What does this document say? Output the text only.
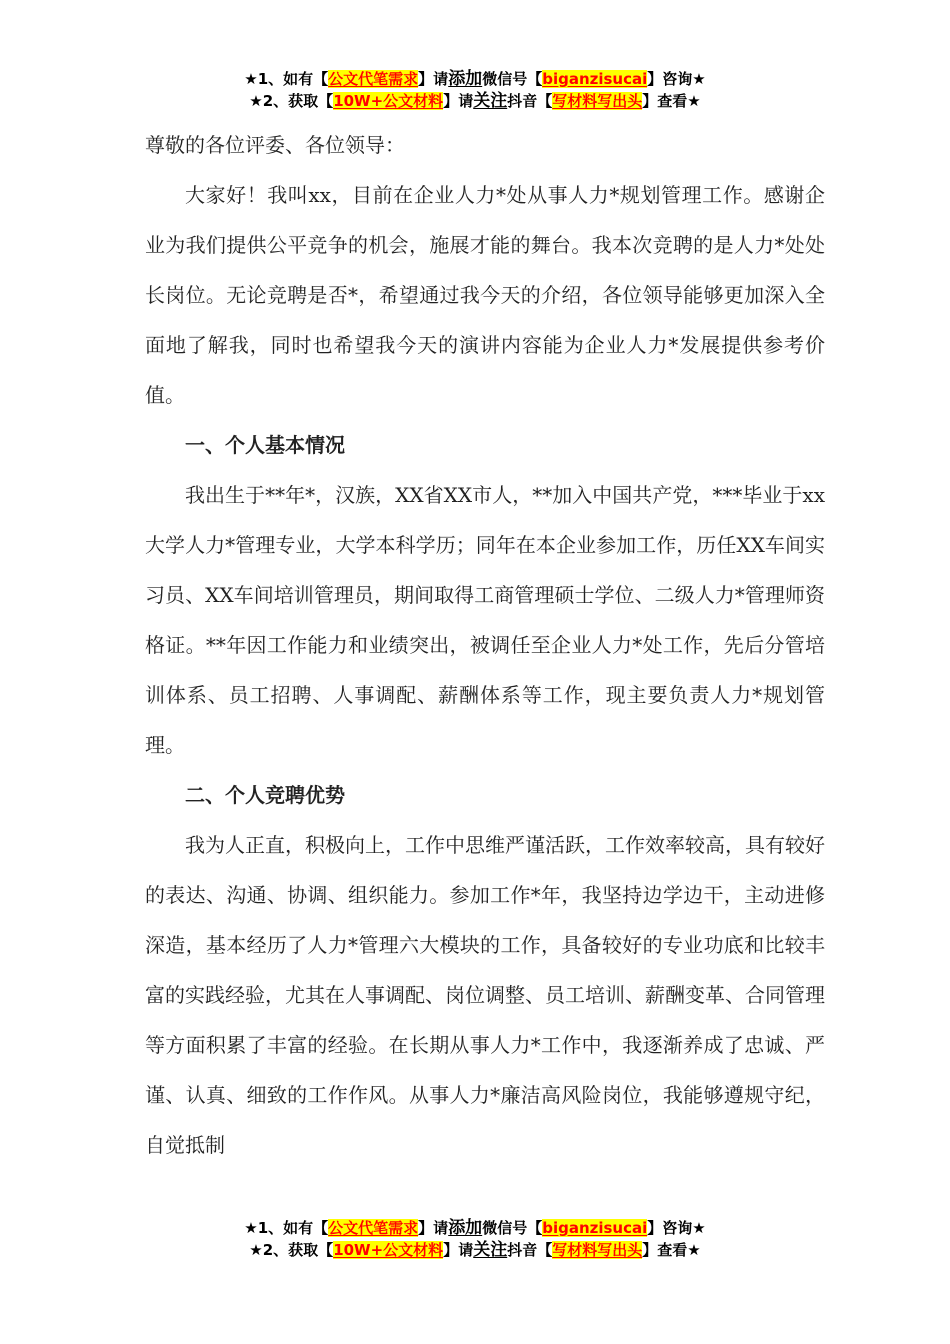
★1、如有【公文代笔需求】请添加微信号【biganzisucai】咨询★
★2、获取【10W+公文材料】请关注抖音【写材料写出头】查看★

尊敬的各位评委、各位领导：

大家好！我叫xx，目前在企业人力*处从事人力*规划管理工作。感谢企业为我们提供公平竞争的机会，施展才能的舞台。我本次竞聘的是人力*处处长岗位。无论竞聘是否*，希望通过我今天的介绍，各位领导能够更加深入全面地了解我，同时也希望我今天的演讲内容能为企业人力*发展提供参考价值。

一、个人基本情况

我出生于**年*，汉族，XX省XX市人，**加入中国共产党，***毕业于xx大学人力*管理专业，大学本科学历；同年在本企业参加工作，历任XX车间实习员、XX车间培训管理员，期间取得工商管理硕士学位、二级人力*管理师资格证。**年因工作能力和业绩突出，被调任至企业人力*处工作，先后分管培训体系、员工招聘、人事调配、薪酬体系等工作，现主要负责人力*规划管理。

二、个人竞聘优势

我为人正直，积极向上，工作中思维严谨活跃，工作效率较高，具有较好的表达、沟通、协调、组织能力。参加工作*年，我坚持边学边干，主动进修深造，基本经历了人力*管理六大模块的工作，具备较好的专业功底和比较丰富的实践经验，尤其在人事调配、岗位调整、员工培训、薪酬变革、合同管理等方面积累了丰富的经验。在长期从事人力*工作中，我逐渐养成了忠诚、严谨、认真、细致的工作作风。从事人力*廉洁高风险岗位，我能够遵规守纪，自觉抵制

★1、如有【公文代笔需求】请添加微信号【biganzisucai】咨询★
★2、获取【10W+公文材料】请关注抖音【写材料写出头】查看★
